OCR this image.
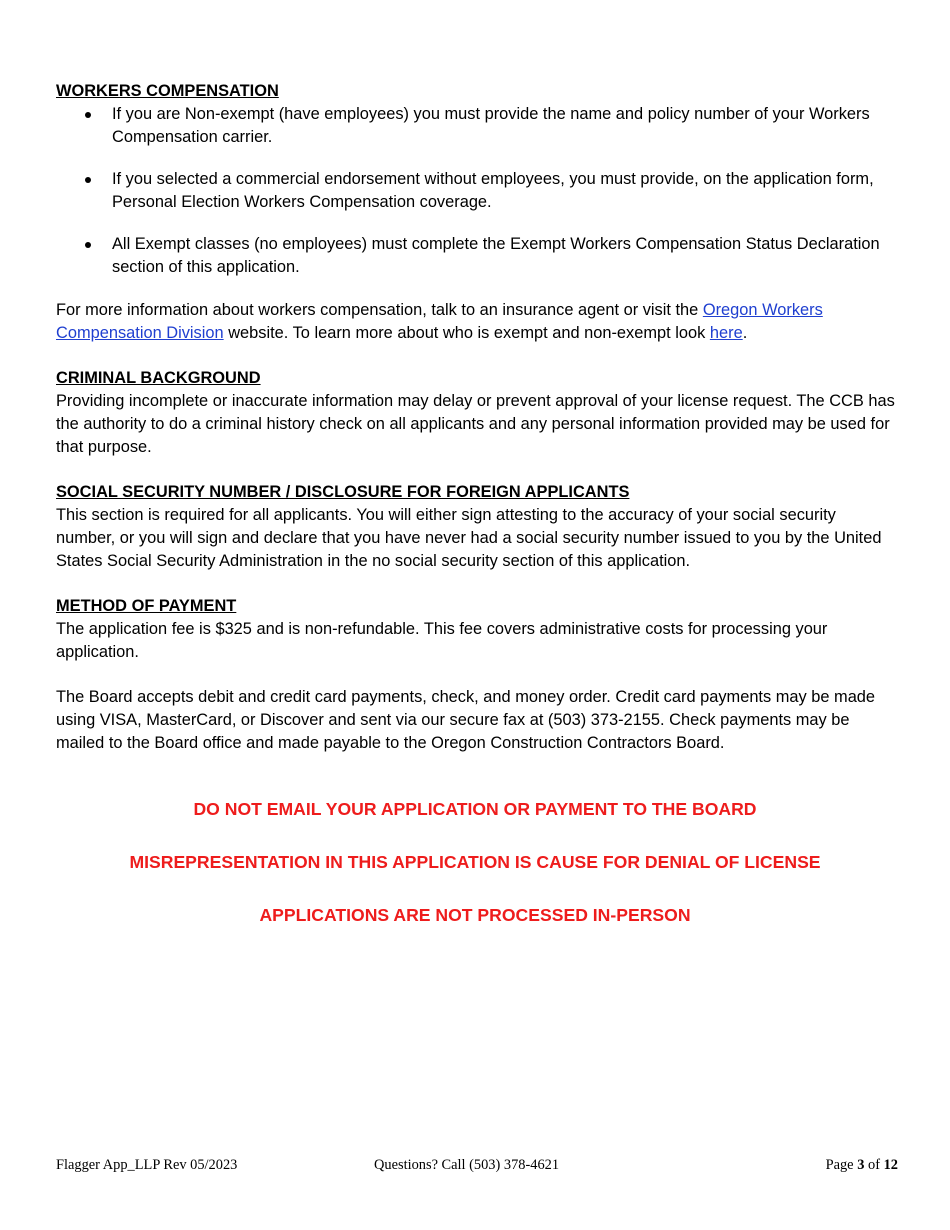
WORKERS COMPENSATION

If you are Non-exempt (have employees) you must provide the name and policy number of your Workers Compensation carrier.
If you selected a commercial endorsement without employees, you must provide, on the application form, Personal Election Workers Compensation coverage.
All Exempt classes (no employees) must complete the Exempt Workers Compensation Status Declaration section of this application.

For more information about workers compensation, talk to an insurance agent or visit the Oregon Workers Compensation Division website. To learn more about who is exempt and non-exempt look here.

CRIMINAL BACKGROUND

Providing incomplete or inaccurate information may delay or prevent approval of your license request. The CCB has the authority to do a criminal history check on all applicants and any personal information provided may be used for that purpose.

SOCIAL SECURITY NUMBER / DISCLOSURE FOR FOREIGN APPLICANTS

This section is required for all applicants. You will either sign attesting to the accuracy of your social security number, or you will sign and declare that you have never had a social security number issued to you by the United States Social Security Administration in the no social security section of this application.

METHOD OF PAYMENT

The application fee is $325 and is non-refundable. This fee covers administrative costs for processing your application.

The Board accepts debit and credit card payments, check, and money order. Credit card payments may be made using VISA, MasterCard, or Discover and sent via our secure fax at (503) 373-2155. Check payments may be mailed to the Board office and made payable to the Oregon Construction Contractors Board.

DO NOT EMAIL YOUR APPLICATION OR PAYMENT TO THE BOARD

MISREPRESENTATION IN THIS APPLICATION IS CAUSE FOR DENIAL OF LICENSE

APPLICATIONS ARE NOT PROCESSED IN-PERSON

Flagger App_LLP Rev 05/2023	Questions? Call (503) 378-4621	Page 3 of 12
